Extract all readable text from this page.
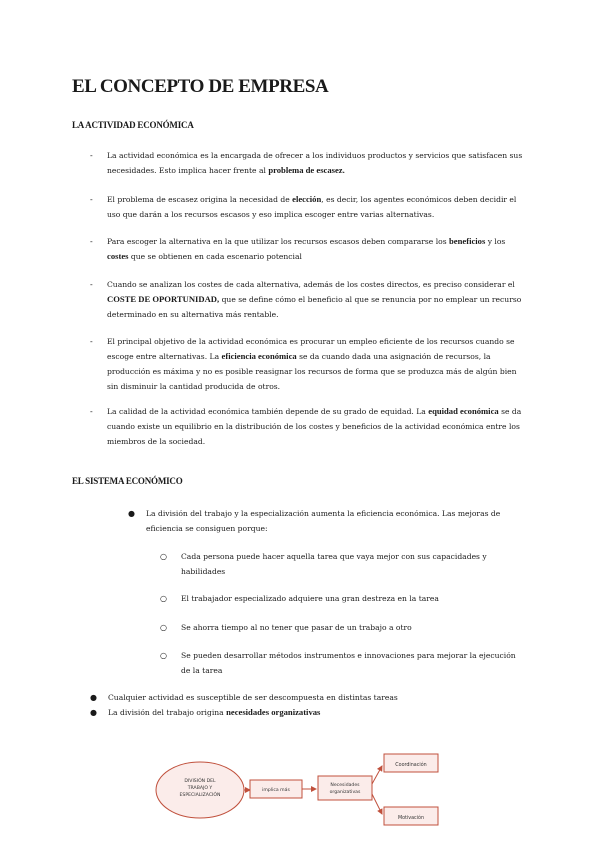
EL CONCEPTO DE EMPRESA
LA ACTIVIDAD ECONÓMICA
- La actividad económica es la encargada de ofrecer a los individuos productos y servicios que satisfacen sus necesidades. Esto implica hacer frente al problema de escasez.

- El problema de escasez origina la necesidad de elección, es decir, los agentes económicos deben decidir el uso que darán a los recursos escasos y eso implica escoger entre varias alternativas.

- Para escoger la alternativa en la que utilizar los recursos escasos deben compararse los beneficios y los costes que se obtienen en cada escenario potencial

- Cuando se analizan los costes de cada alternativa, además de los costes directos, es preciso considerar el COSTE DE OPORTUNIDAD, que se define cómo el beneficio al que se renuncia por no emplear un recurso determinado en su alternativa más rentable.

- El principal objetivo de la actividad económica es procurar un empleo eficiente de los recursos cuando se escoge entre alternativas. La eficiencia económica se da cuando dada una asignación de recursos, la producción es máxima y no es posible reasignar los recursos de forma que se produzca más de algún bien sin disminuir la cantidad producida de otros.

- La calidad de la actividad económica también depende de su grado de equidad. La equidad económica se da cuando existe un equilibrio en la distribución de los costes y beneficios de la actividad económica entre los miembros de la sociedad.

EL SISTEMA ECONÓMICO
● La división del trabajo y la especialización aumenta la eficiencia económica. Las mejoras de eficiencia se consiguen porque:

○ Cada persona puede hacer aquella tarea que vaya mejor con sus capacidades y habilidades

○ El trabajador especializado adquiere una gran destreza en la tarea

○ Se ahorra tiempo al no tener que pasar de un trabajo a otro

○ Se pueden desarrollar métodos instrumentos e innovaciones para mejorar la ejecución de la tarea

● Cualquier actividad es susceptible de ser descompuesta en distintas tareas

● La división del trabajo origina necesidades organizativas

DIVISIÓN DEL
TRABAJO Y
ESPECIALIZACIÓN
implica más
Necesidades
organizativas
Coordinación
Motivación
